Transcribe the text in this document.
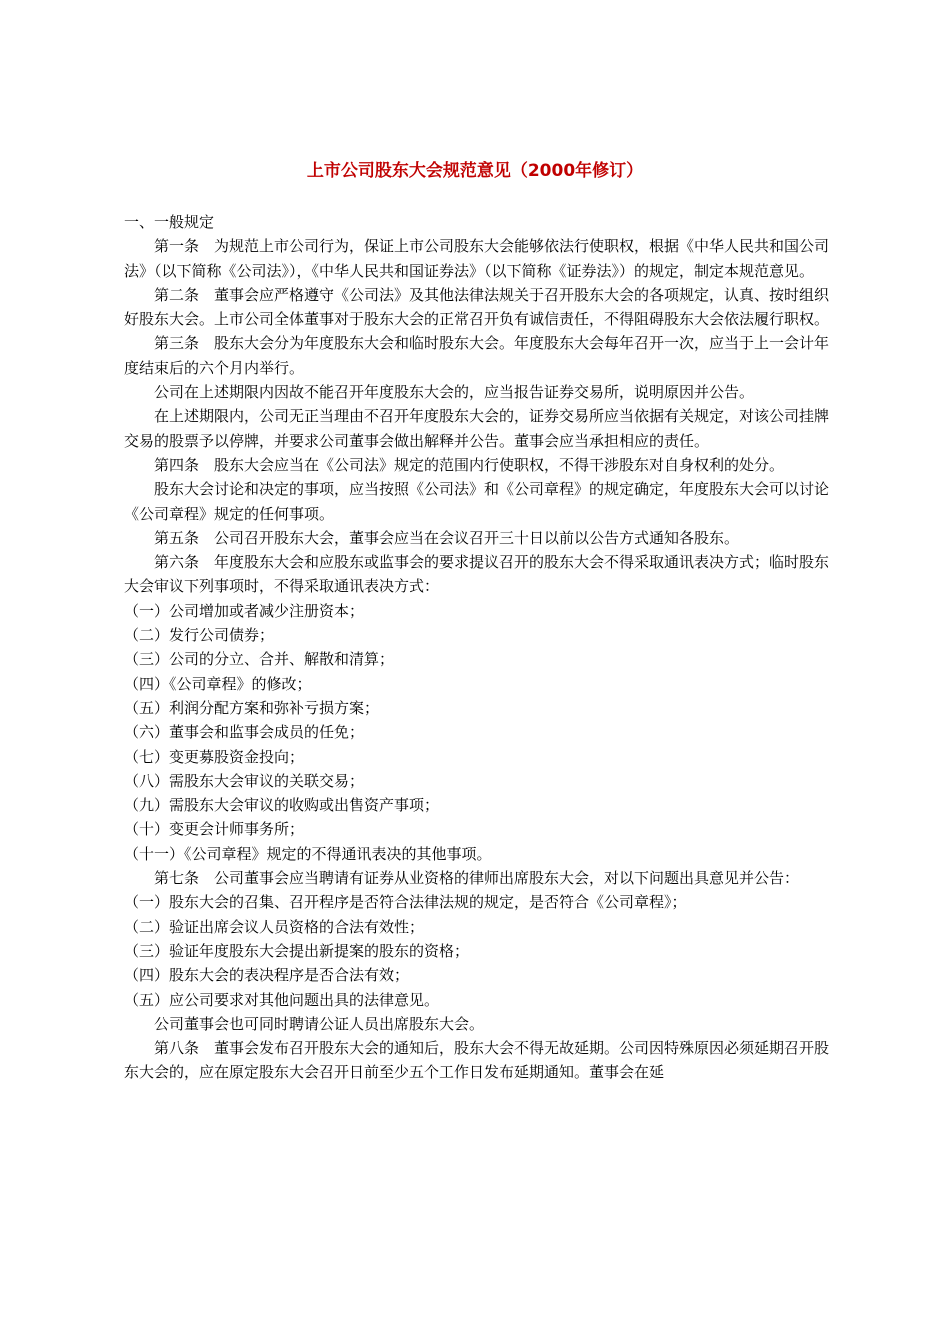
上市公司股东大会规范意见（2000年修订）

一、一般规定

第一条　为规范上市公司行为，保证上市公司股东大会能够依法行使职权，根据《中华人民共和国公司法》（以下简称《公司法》），《中华人民共和国证券法》（以下简称《证券法》）的规定，制定本规范意见。

第二条　董事会应严格遵守《公司法》及其他法律法规关于召开股东大会的各项规定，认真、按时组织好股东大会。上市公司全体董事对于股东大会的正常召开负有诚信责任，不得阻碍股东大会依法履行职权。

第三条　股东大会分为年度股东大会和临时股东大会。年度股东大会每年召开一次，应当于上一会计年度结束后的六个月内举行。

公司在上述期限内因故不能召开年度股东大会的，应当报告证券交易所，说明原因并公告。

在上述期限内，公司无正当理由不召开年度股东大会的，证券交易所应当依据有关规定，对该公司挂牌交易的股票予以停牌，并要求公司董事会做出解释并公告。董事会应当承担相应的责任。

第四条　股东大会应当在《公司法》规定的范围内行使职权，不得干涉股东对自身权利的处分。

股东大会讨论和决定的事项，应当按照《公司法》和《公司章程》的规定确定，年度股东大会可以讨论《公司章程》规定的任何事项。

第五条　公司召开股东大会，董事会应当在会议召开三十日以前以公告方式通知各股东。

第六条　年度股东大会和应股东或监事会的要求提议召开的股东大会不得采取通讯表决方式；临时股东大会审议下列事项时，不得采取通讯表决方式：

（一）公司增加或者减少注册资本；

（二）发行公司债券；

（三）公司的分立、合并、解散和清算；

（四）《公司章程》的修改；

（五）利润分配方案和弥补亏损方案；

（六）董事会和监事会成员的任免；

（七）变更募股资金投向；

（八）需股东大会审议的关联交易；

（九）需股东大会审议的收购或出售资产事项；

（十）变更会计师事务所；

（十一）《公司章程》规定的不得通讯表决的其他事项。

第七条　公司董事会应当聘请有证券从业资格的律师出席股东大会，对以下问题出具意见并公告：

（一）股东大会的召集、召开程序是否符合法律法规的规定，是否符合《公司章程》；

（二）验证出席会议人员资格的合法有效性；

（三）验证年度股东大会提出新提案的股东的资格；

（四）股东大会的表决程序是否合法有效；

（五）应公司要求对其他问题出具的法律意见。

公司董事会也可同时聘请公证人员出席股东大会。

第八条　董事会发布召开股东大会的通知后，股东大会不得无故延期。公司因特殊原因必须延期召开股东大会的，应在原定股东大会召开日前至少五个工作日发布延期通知。董事会在延
